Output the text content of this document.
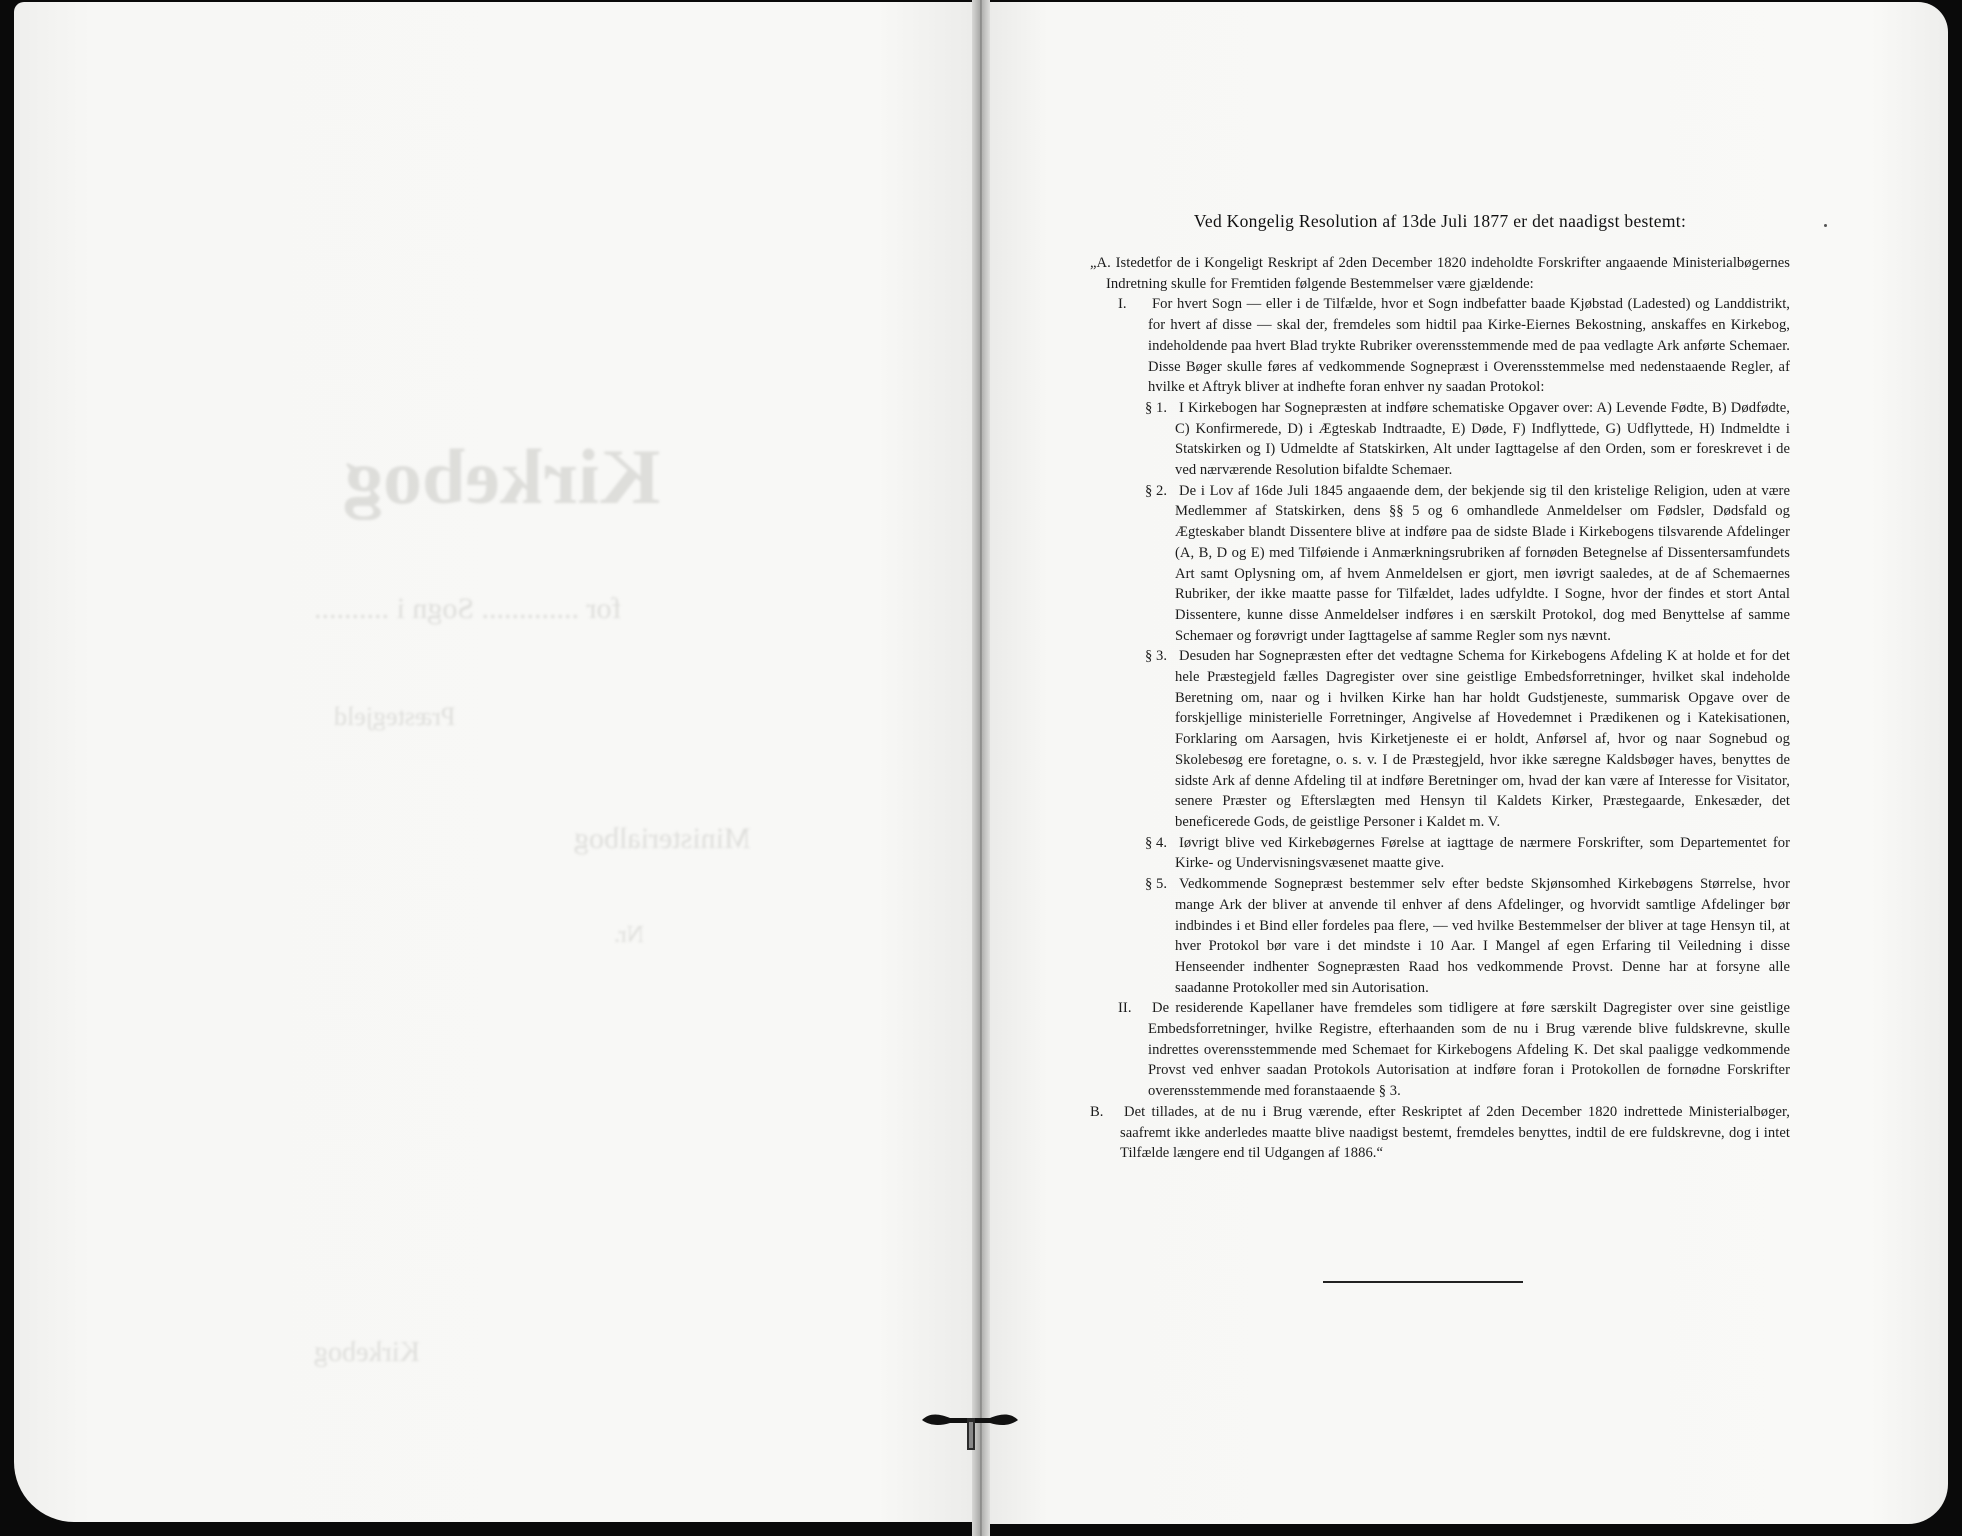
Kirkebog
for ............. Sogn i ..........
Præstegjeld
Ministerialbog
Nr.
Kirkebog
Ved Kongelig Resolution af 13de Juli 1877 er det naadigst bestemt:

„A. Istedetfor de i Kongeligt Reskript af 2den December 1820 indeholdte Forskrifter angaaende Ministerialbøgernes Indretning skulle for Fremtiden følgende Bestemmelser være gjældende:

I. For hvert Sogn — eller i de Tilfælde, hvor et Sogn indbefatter baade Kjøbstad (Ladested) og Landdistrikt, for hvert af disse — skal der, fremdeles som hidtil paa Kirke-Eiernes Bekostning, anskaffes en Kirkebog, indeholdende paa hvert Blad trykte Rubriker overensstemmende med de paa vedlagte Ark anførte Schemaer. Disse Bøger skulle føres af vedkommende Sognepræst i Overensstemmelse med nedenstaaende Regler, af hvilke et Aftryk bliver at indhefte foran enhver ny saadan Protokol:

§ 1. I Kirkebogen har Sognepræsten at indføre schematiske Opgaver over: A) Levende Fødte, B) Dødfødte, C) Konfirmerede, D) i Ægteskab Indtraadte, E) Døde, F) Indflyttede, G) Udflyttede, H) Indmeldte i Statskirken og I) Udmeldte af Statskirken, Alt under Iagttagelse af den Orden, som er foreskrevet i de ved nærværende Resolution bifaldte Schemaer.

§ 2. De i Lov af 16de Juli 1845 angaaende dem, der bekjende sig til den kristelige Religion, uden at være Medlemmer af Statskirken, dens §§ 5 og 6 omhandlede Anmeldelser om Fødsler, Dødsfald og Ægteskaber blandt Dissentere blive at indføre paa de sidste Blade i Kirkebogens tilsvarende Afdelinger (A, B, D og E) med Tilføiende i Anmærkningsrubriken af fornøden Betegnelse af Dissentersamfundets Art samt Oplysning om, af hvem Anmeldelsen er gjort, men iøvrigt saaledes, at de af Schemaernes Rubriker, der ikke maatte passe for Tilfældet, lades udfyldte. I Sogne, hvor der findes et stort Antal Dissentere, kunne disse Anmeldelser indføres i en særskilt Protokol, dog med Benyttelse af samme Schemaer og forøvrigt under Iagttagelse af samme Regler som nys nævnt.

§ 3. Desuden har Sognepræsten efter det vedtagne Schema for Kirkebogens Afdeling K at holde et for det hele Præstegjeld fælles Dagregister over sine geistlige Embedsforretninger, hvilket skal indeholde Beretning om, naar og i hvilken Kirke han har holdt Gudstjeneste, summarisk Opgave over de forskjellige ministerielle Forretninger, Angivelse af Hovedemnet i Prædikenen og i Katekisationen, Forklaring om Aarsagen, hvis Kirketjeneste ei er holdt, Anførsel af, hvor og naar Sognebud og Skolebesøg ere foretagne, o. s. v. I de Præstegjeld, hvor ikke særegne Kaldsbøger haves, benyttes de sidste Ark af denne Afdeling til at indføre Beretninger om, hvad der kan være af Interesse for Visitator, senere Præster og Efterslægten med Hensyn til Kaldets Kirker, Præstegaarde, Enkesæder, det beneficerede Gods, de geistlige Personer i Kaldet m. V.

§ 4. Iøvrigt blive ved Kirkebøgernes Førelse at iagttage de nærmere Forskrifter, som Departementet for Kirke- og Undervisningsvæsenet maatte give.

§ 5. Vedkommende Sognepræst bestemmer selv efter bedste Skjønsomhed Kirkebøgens Størrelse, hvor mange Ark der bliver at anvende til enhver af dens Afdelinger, og hvorvidt samtlige Afdelinger bør indbindes i et Bind eller fordeles paa flere, — ved hvilke Bestemmelser der bliver at tage Hensyn til, at hver Protokol bør vare i det mindste i 10 Aar. I Mangel af egen Erfaring til Veiledning i disse Henseender indhenter Sognepræsten Raad hos vedkommende Provst. Denne har at forsyne alle saadanne Protokoller med sin Autorisation.

II. De residerende Kapellaner have fremdeles som tidligere at føre særskilt Dagregister over sine geistlige Embedsforretninger, hvilke Registre, efterhaanden som de nu i Brug værende blive fuldskrevne, skulle indrettes overensstemmende med Schemaet for Kirkebogens Afdeling K. Det skal paaligge vedkommende Provst ved enhver saadan Protokols Autorisation at indføre foran i Protokollen de fornødne Forskrifter overensstemmende med foranstaaende § 3.

B. Det tillades, at de nu i Brug værende, efter Reskriptet af 2den December 1820 indrettede Ministerialbøger, saafremt ikke anderledes maatte blive naadigst bestemt, fremdeles benyttes, indtil de ere fuldskrevne, dog i intet Tilfælde længere end til Udgangen af 1886.“
